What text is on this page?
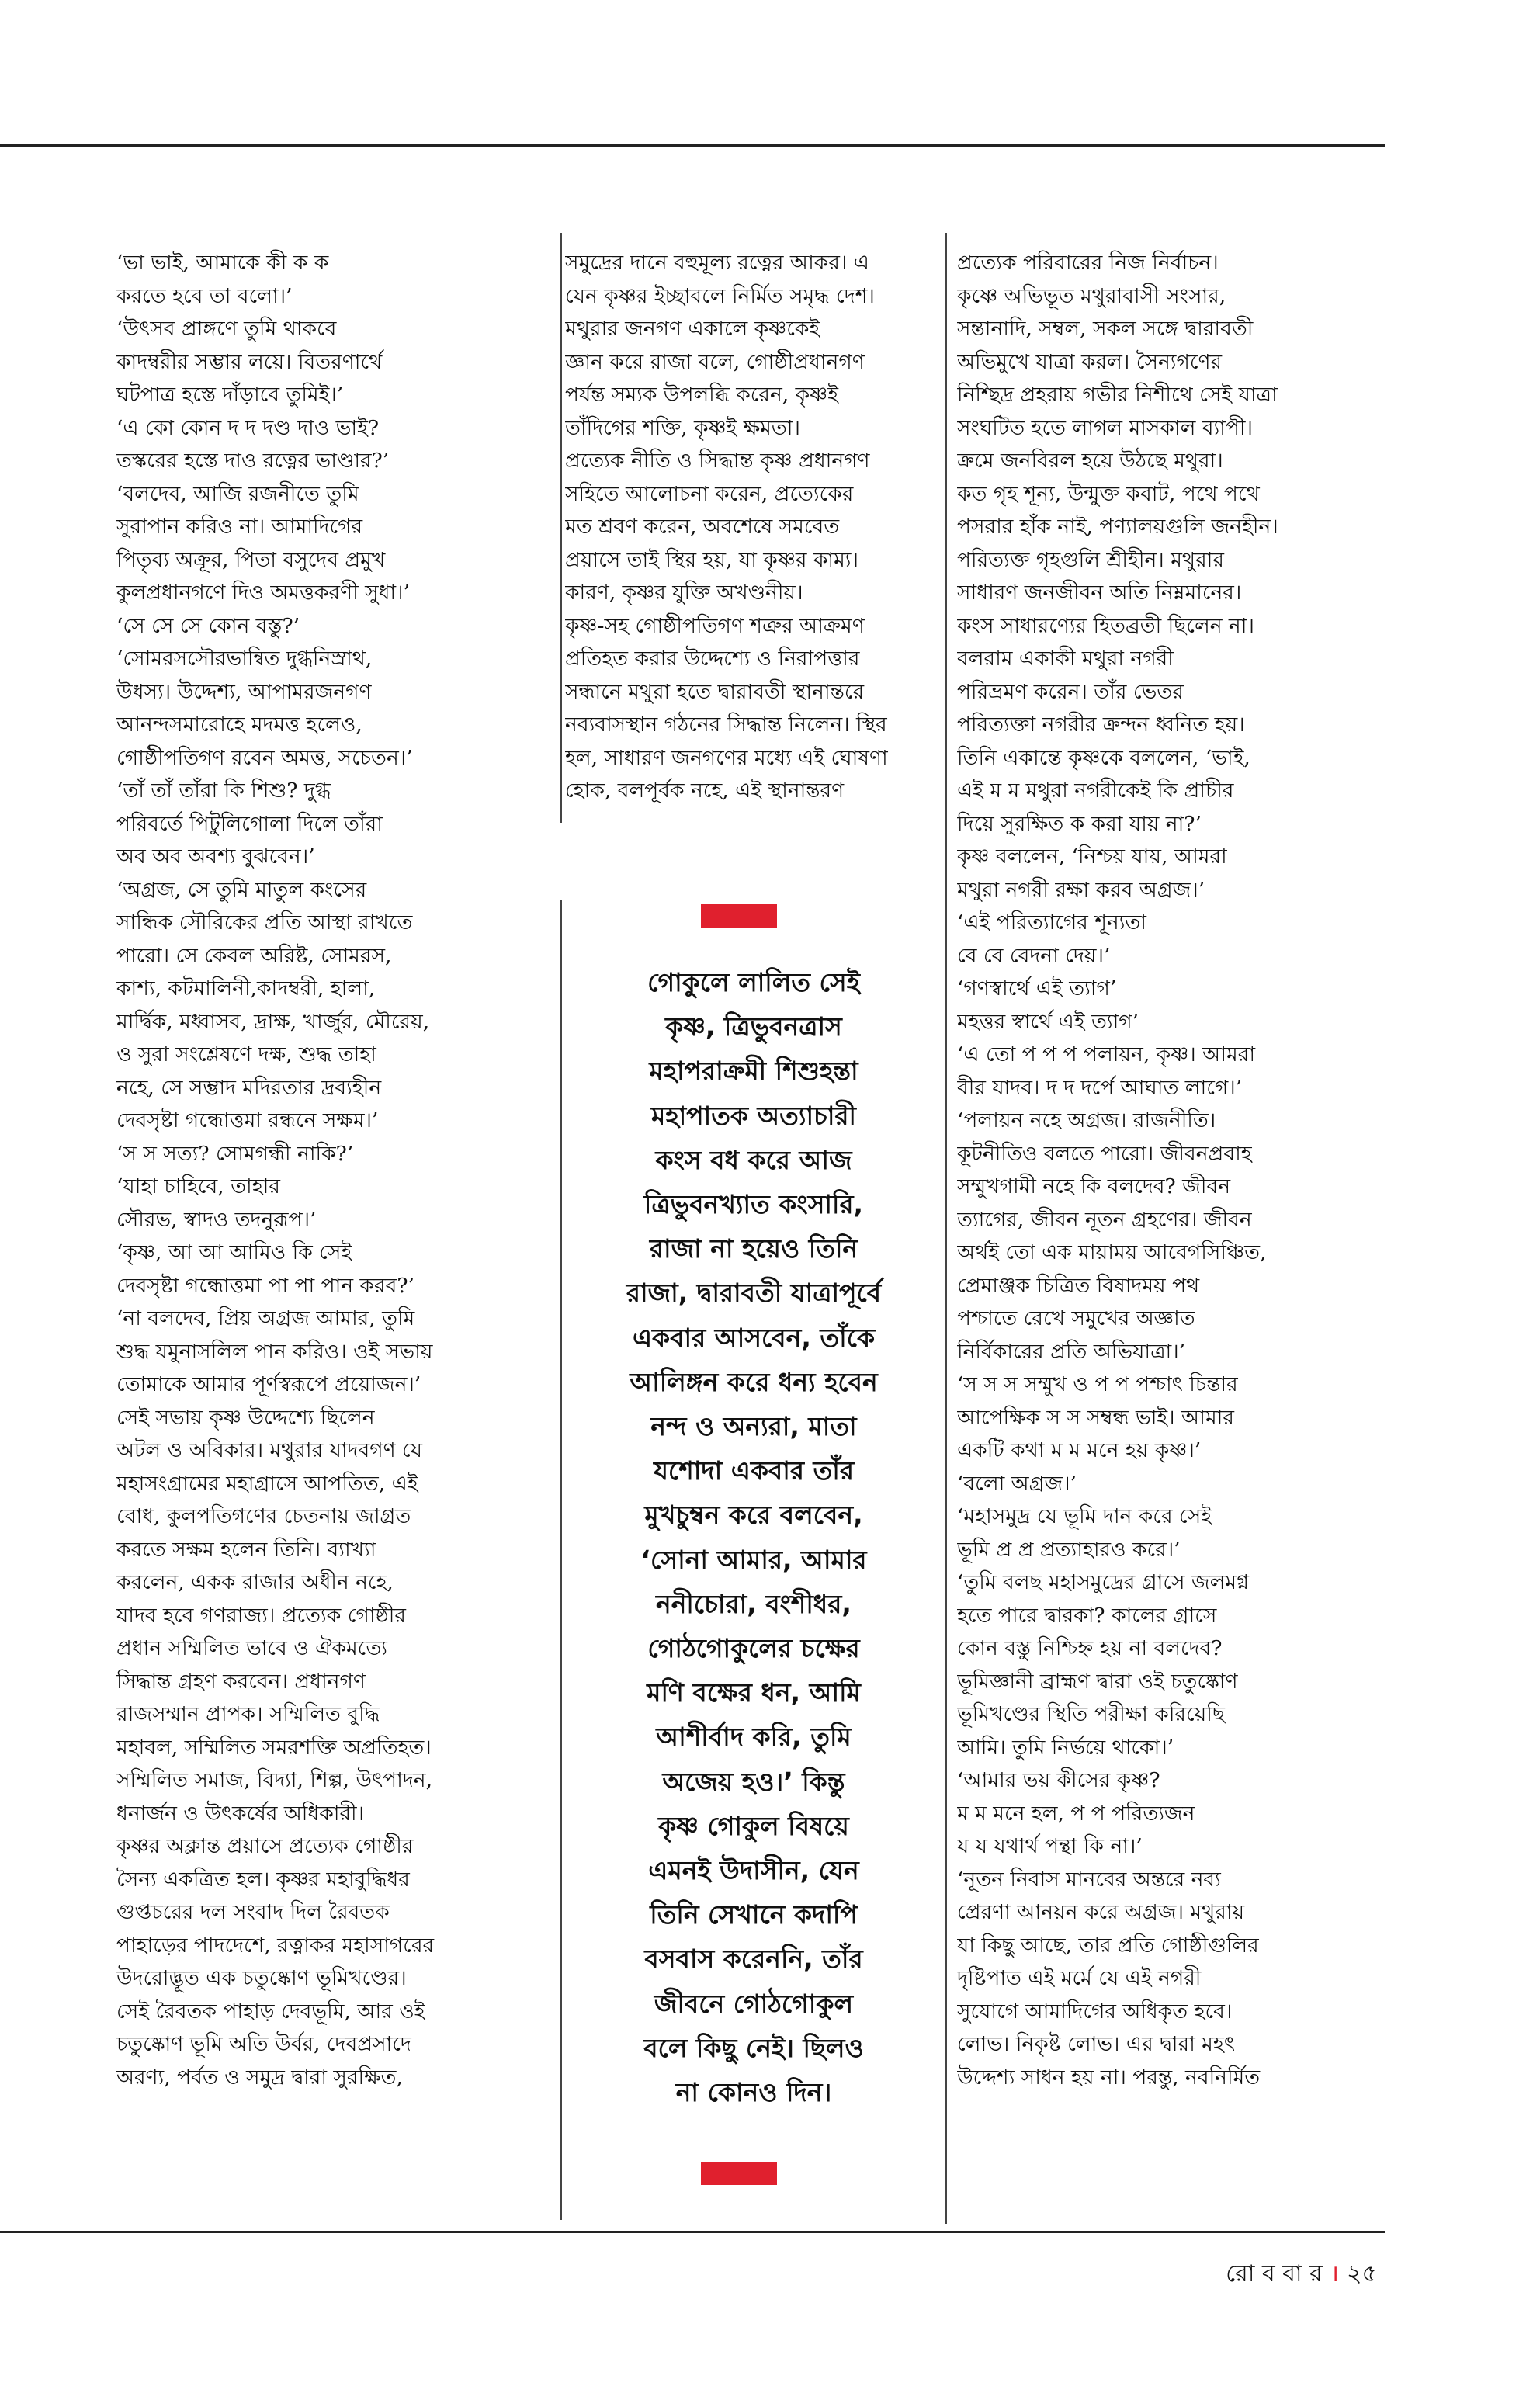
‘ভা ভাই, আমাকে কী ক ক
করতে হবে তা বলো।’
‘উৎসব প্রাঙ্গণে তুমি থাকবে
কাদম্বরীর সম্ভার লয়ে। বিতরণার্থে
ঘটপাত্র হস্তে দাঁড়াবে তুমিই।’
‘এ কো কোন দ দ দণ্ড দাও ভাই?
তস্করের হস্তে দাও রত্নের ভাণ্ডার?’
‘বলদেব, আজি রজনীতে তুমি
সুরাপান করিও না। আমাদিগের
পিতৃব্য অক্রূর, পিতা বসুদেব প্রমুখ
কুলপ্রধানগণে দিও অমত্তকরণী সুধা।’
‘সে সে সে কোন বস্তু?’
‘সোমরসসৌরভান্বিত দুগ্ধনিস্রাথ,
উধস্য। উদ্দেশ্য, আপামরজনগণ
আনন্দসমারোহে মদমত্ত হলেও,
গোষ্ঠীপতিগণ রবেন অমত্ত, সচেতন।’
‘তাঁ তাঁ তাঁরা কি শিশু? দুগ্ধ
পরিবর্তে পিটুলিগোলা দিলে তাঁরা
অব অব অবশ্য বুঝবেন।’
‘অগ্রজ, সে তুমি মাতুল কংসের
সান্ধিক সৌরিকের প্রতি আস্থা রাখতে
পারো। সে কেবল অরিষ্ট, সোমরস,
কাশ্য, কটমালিনী,কাদম্বরী, হালা,
মার্দ্বিক, মধ্বাসব, দ্রাক্ষ, খার্জুর, মৌরেয়,
ও সুরা সংশ্লেষণে দক্ষ, শুদ্ধ তাহা
নহে, সে সম্ভাদ মদিরতার দ্রব্যহীন
দেবসৃষ্টা গন্ধোত্তমা রন্ধনে সক্ষম।’
‘স স সত্য? সোমগন্ধী নাকি?’
‘যাহা চাহিবে, তাহার
সৌরভ, স্বাদও তদনুরূপ।’
‘কৃষ্ণ, আ আ আমিও কি সেই
দেবসৃষ্টা গন্ধোত্তমা পা পা পান করব?’
‘না বলদেব, প্রিয় অগ্রজ আমার, তুমি
শুদ্ধ যমুনাসলিল পান করিও। ওই সভায়
তোমাকে আমার পূর্ণস্বরূপে প্রয়োজন।’
সেই সভায় কৃষ্ণ উদ্দেশ্যে ছিলেন
অটল ও অবিকার। মথুরার যাদবগণ যে
মহাসংগ্রামের মহাগ্রাসে আপতিত, এই
বোধ, কুলপতিগণের চেতনায় জাগ্রত
করতে সক্ষম হলেন তিনি। ব্যাখ্যা
করলেন, একক রাজার অধীন নহে,
যাদব হবে গণরাজ্য। প্রত্যেক গোষ্ঠীর
প্রধান সম্মিলিত ভাবে ও ঐকমত্যে
সিদ্ধান্ত গ্রহণ করবেন। প্রধানগণ
রাজসম্মান প্রাপক। সম্মিলিত বুদ্ধি
মহাবল, সম্মিলিত সমরশক্তি অপ্রতিহত।
সম্মিলিত সমাজ, বিদ্যা, শিল্প, উৎপাদন,
ধনার্জন ও উৎকর্ষের অধিকারী।
কৃষ্ণর অক্লান্ত প্রয়াসে প্রত্যেক গোষ্ঠীর
সৈন্য একত্রিত হল। কৃষ্ণর মহাবুদ্ধিধর
গুপ্তচরের দল সংবাদ দিল রৈবতক
পাহাড়ের পাদদেশে, রত্নাকর মহাসাগরের
উদরোদ্ভূত এক চতুষ্কোণ ভূমিখণ্ডের।
সেই রৈবতক পাহাড় দেবভূমি, আর ওই
চতুষ্কোণ ভূমি অতি উর্বর, দেবপ্রসাদে
অরণ্য, পর্বত ও সমুদ্র দ্বারা সুরক্ষিত,
সমুদ্রের দানে বহুমূল্য রত্নের আকর। এ
যেন কৃষ্ণর ইচ্ছাবলে নির্মিত সমৃদ্ধ দেশ।
মথুরার জনগণ একালে কৃষ্ণকেই
জ্ঞান করে রাজা বলে, গোষ্ঠীপ্রধানগণ
পর্যন্ত সম্যক উপলব্ধি করেন, কৃষ্ণই
তাঁদিগের শক্তি, কৃষ্ণই ক্ষমতা।
প্রত্যেক নীতি ও সিদ্ধান্ত কৃষ্ণ প্রধানগণ
সহিতে আলোচনা করেন, প্রত্যেকের
মত শ্রবণ করেন, অবশেষে সমবেত
প্রয়াসে তাই স্থির হয়, যা কৃষ্ণর কাম্য।
কারণ, কৃষ্ণর যুক্তি অখণ্ডনীয়।
কৃষ্ণ-সহ গোষ্ঠীপতিগণ শত্রুর আক্রমণ
প্রতিহত করার উদ্দেশ্যে ও নিরাপত্তার
সন্ধানে মথুরা হতে দ্বারাবতী স্থানান্তরে
নব্যবাসস্থান গঠনের সিদ্ধান্ত নিলেন। স্থির
হল, সাধারণ জনগণের মধ্যে এই ঘোষণা
হোক, বলপূর্বক নহে, এই স্থানান্তরণ
প্রত্যেক পরিবারের নিজ নির্বাচন।
কৃষ্ণে অভিভূত মথুরাবাসী সংসার,
সন্তানাদি, সম্বল, সকল সঙ্গে দ্বারাবতী
অভিমুখে যাত্রা করল। সৈন্যগণের
নিশ্ছিদ্র প্রহরায় গভীর নিশীথে সেই যাত্রা
সংঘটিত হতে লাগল মাসকাল ব্যাপী।
ক্রমে জনবিরল হয়ে উঠছে মথুরা।
কত গৃহ শূন্য, উন্মুক্ত কবাট, পথে পথে
পসরার হাঁক নাই, পণ্যালয়গুলি জনহীন।
পরিত্যক্ত গৃহগুলি শ্রীহীন। মথুরার
সাধারণ জনজীবন অতি নিম্নমানের।
কংস সাধারণ্যের হিতব্রতী ছিলেন না।
বলরাম একাকী মথুরা নগরী
পরিভ্রমণ করেন। তাঁর ভেতর
পরিত্যক্তা নগরীর ক্রন্দন ধ্বনিত হয়।
তিনি একান্তে কৃষ্ণকে বললেন, ‘ভাই,
এই ম ম মথুরা নগরীকেই কি প্রাচীর
দিয়ে সুরক্ষিত ক করা যায় না?’
কৃষ্ণ বললেন, ‘নিশ্চয় যায়, আমরা
মথুরা নগরী রক্ষা করব অগ্রজ।’
‘এই পরিত্যাগের শূন্যতা
বে বে বেদনা দেয়।’
‘গণস্বার্থে এই ত্যাগ’
মহত্তর স্বার্থে এই ত্যাগ’
‘এ তো প প প পলায়ন, কৃষ্ণ। আমরা
বীর যাদব। দ দ দর্পে আঘাত লাগে।’
‘পলায়ন নহে অগ্রজ। রাজনীতি।
কূটনীতিও বলতে পারো। জীবনপ্রবাহ
সম্মুখগামী নহে কি বলদেব? জীবন
ত্যাগের, জীবন নূতন গ্রহণের। জীবন
অর্থই তো এক মায়াময় আবেগসিঞ্চিত,
প্রেমাঞ্জক চিত্রিত বিষাদময় পথ
পশ্চাতে রেখে সমুখের অজ্ঞাত
নির্বিকারের প্রতি অভিযাত্রা।’
‘স স স সম্মুখ ও প প পশ্চাৎ চিন্তার
আপেক্ষিক স স সম্বন্ধ ভাই। আমার
একটি কথা ম ম মনে হয় কৃষ্ণ।’
‘বলো অগ্রজ।’
‘মহাসমুদ্র যে ভূমি দান করে সেই
ভূমি প্র প্র প্রত্যাহারও করে।’
‘তুমি বলছ মহাসমুদ্রের গ্রাসে জলমগ্ন
হতে পারে দ্বারকা? কালের গ্রাসে
কোন বস্তু নিশ্চিহ্ন হয় না বলদেব?
ভূমিজ্ঞানী ব্রাহ্মণ দ্বারা ওই চতুষ্কোণ
ভূমিখণ্ডের স্থিতি পরীক্ষা করিয়েছি
আমি। তুমি নির্ভয়ে থাকো।’
‘আমার ভয় কীসের কৃষ্ণ?
ম ম মনে হল, প প পরিত্যজন
য য যথার্থ পন্থা কি না।’
‘নূতন নিবাস মানবের অন্তরে নব্য
প্রেরণা আনয়ন করে অগ্রজ। মথুরায়
যা কিছু আছে, তার প্রতি গোষ্ঠীগুলির
দৃষ্টিপাত এই মর্মে যে এই নগরী
সুযোগে আমাদিগের অধিকৃত হবে।
লোভ। নিকৃষ্ট লোভ। এর দ্বারা মহৎ
উদ্দেশ্য সাধন হয় না। পরন্তু, নবনির্মিত
গোকুলে লালিত সেই
কৃষ্ণ, ত্রিভুবনত্রাস
মহাপরাক্রমী শিশুহন্তা
মহাপাতক অত্যাচারী
কংস বধ করে আজ
ত্রিভুবনখ্যাত কংসারি,
রাজা না হয়েও তিনি
রাজা, দ্বারাবতী যাত্রাপূর্বে
একবার আসবেন, তাঁকে
আলিঙ্গন করে ধন্য হবেন
নন্দ ও অন্যরা, মাতা
যশোদা একবার তাঁর
মুখচুম্বন করে বলবেন,
‘সোনা আমার, আমার
ননীচোরা, বংশীধর,
গোঠগোকুলের চক্ষের
মণি বক্ষের ধন, আমি
আশীর্বাদ করি, তুমি
অজেয় হও।’ কিন্তু
কৃষ্ণ গোকুল বিষয়ে
এমনই উদাসীন, যেন
তিনি সেখানে কদাপি
বসবাস করেননি, তাঁর
জীবনে গোঠগোকুল
বলে কিছু নেই। ছিলও
না কোনও দিন।
রো ব বা র । ২৫
